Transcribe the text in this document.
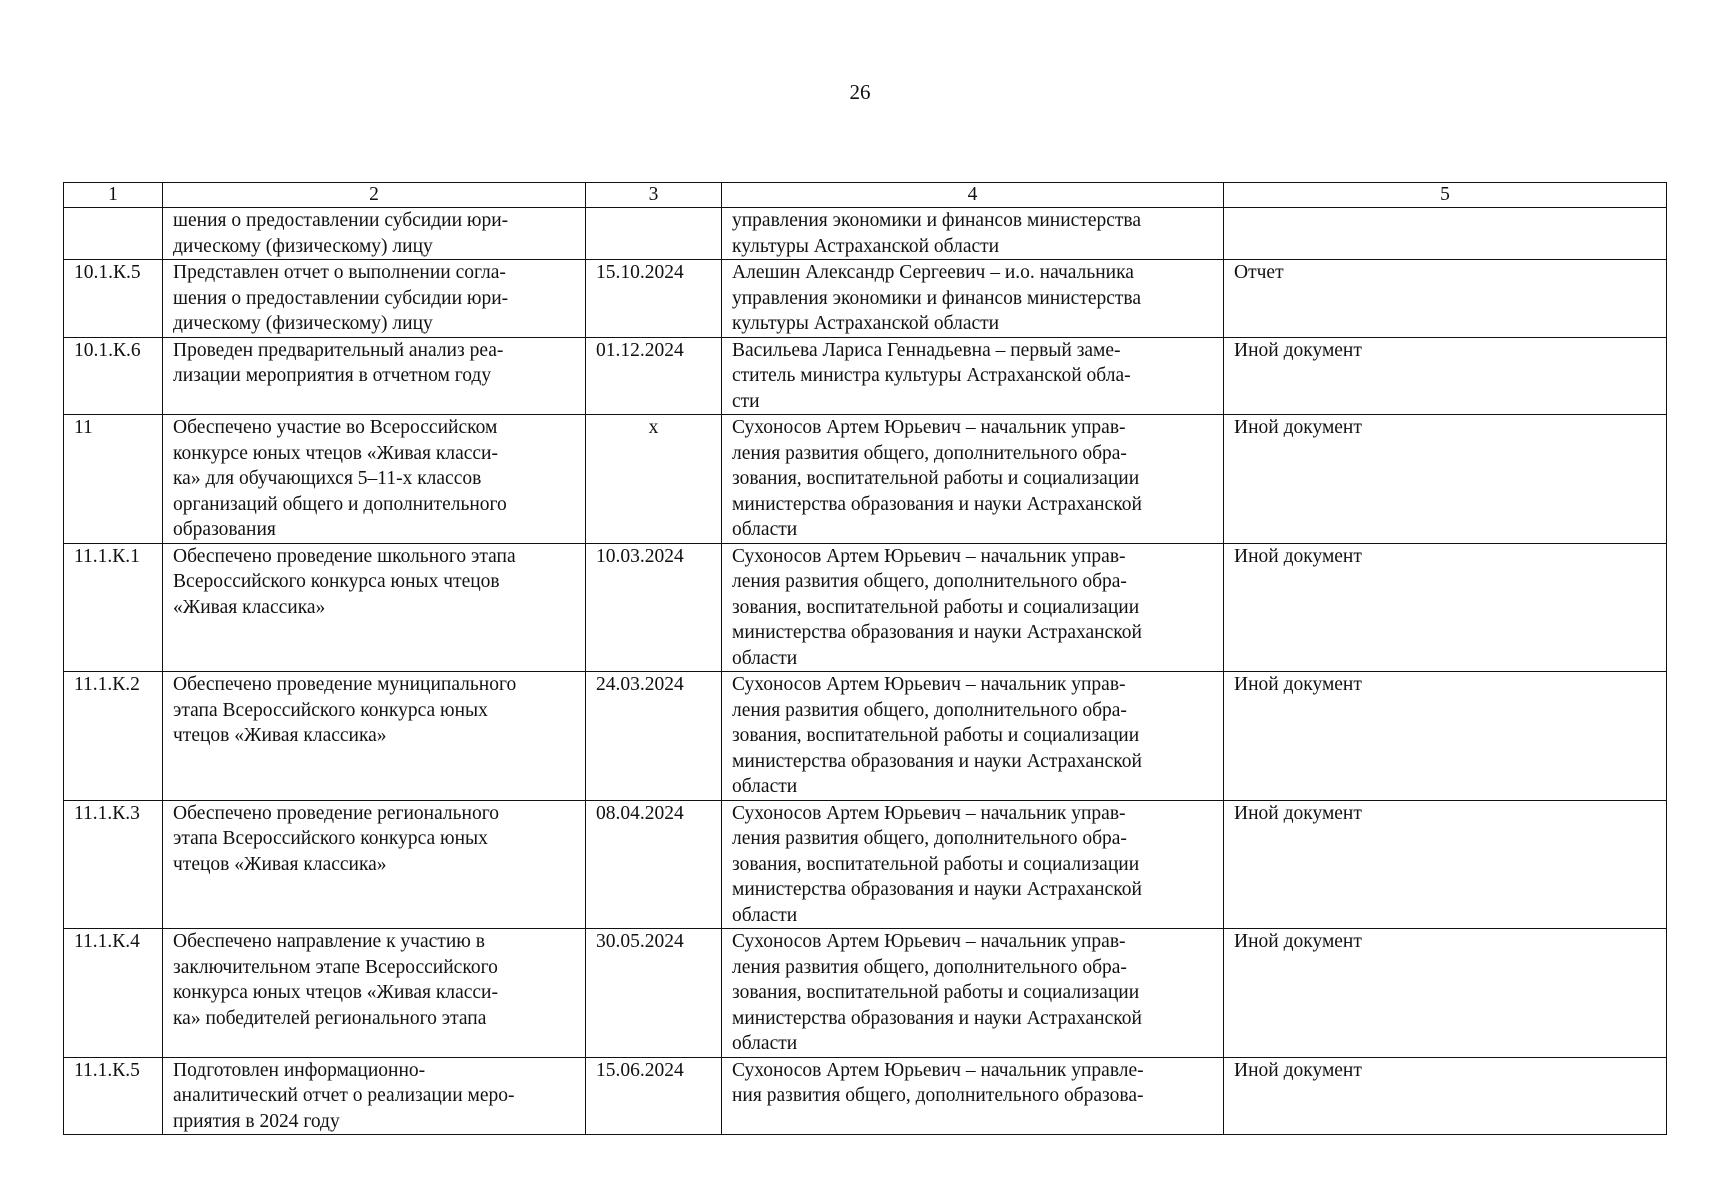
26
1	2	3	4	5

	шения о предоставлении субсидии юри-
дическому (физическому) лицу		управления экономики и финансов министерства
культуры Астраханской области	

10.1.К.5	Представлен отчет о выполнении согла-
шения о предоставлении субсидии юри-
дическому (физическому) лицу	15.10.2024	Алешин Александр Сергеевич – и.о. начальника
управления экономики и финансов министерства
культуры Астраханской области	Отчет
10.1.К.6	Проведен предварительный анализ реа-
лизации мероприятия в отчетном году	01.12.2024	Васильева Лариса Геннадьевна – первый заме-
ститель министра культуры Астраханской обла-
сти	Иной документ
11	Обеспечено участие во Всероссийском
конкурсе юных чтецов «Живая класси-
ка» для обучающихся 5–11-х классов
организаций общего и дополнительного
образования	x	Сухоносов Артем Юрьевич – начальник управ-
ления развития общего, дополнительного обра-
зования, воспитательной работы и социализации
министерства образования и науки Астраханской
области	Иной документ
11.1.К.1	Обеспечено проведение школьного этапа
Всероссийского конкурса юных чтецов
«Живая классика»	10.03.2024	Сухоносов Артем Юрьевич – начальник управ-
ления развития общего, дополнительного обра-
зования, воспитательной работы и социализации
министерства образования и науки Астраханской
области	Иной документ
11.1.К.2	Обеспечено проведение муниципального
этапа Всероссийского конкурса юных
чтецов «Живая классика»	24.03.2024	Сухоносов Артем Юрьевич – начальник управ-
ления развития общего, дополнительного обра-
зования, воспитательной работы и социализации
министерства образования и науки Астраханской
области	Иной документ
11.1.К.3	Обеспечено проведение регионального
этапа Всероссийского конкурса юных
чтецов «Живая классика»	08.04.2024	Сухоносов Артем Юрьевич – начальник управ-
ления развития общего, дополнительного обра-
зования, воспитательной работы и социализации
министерства образования и науки Астраханской
области	Иной документ
11.1.К.4	Обеспечено направление к участию в
заключительном этапе Всероссийского
конкурса юных чтецов «Живая класси-
ка» победителей регионального этапа	30.05.2024	Сухоносов Артем Юрьевич – начальник управ-
ления развития общего, дополнительного обра-
зования, воспитательной работы и социализации
министерства образования и науки Астраханской
области	Иной документ
11.1.К.5	Подготовлен информационно-
аналитический отчет о реализации меро-
приятия в 2024 году	15.06.2024	Сухоносов Артем Юрьевич – начальник управле-
ния развития общего, дополнительного образова-	Иной документ
